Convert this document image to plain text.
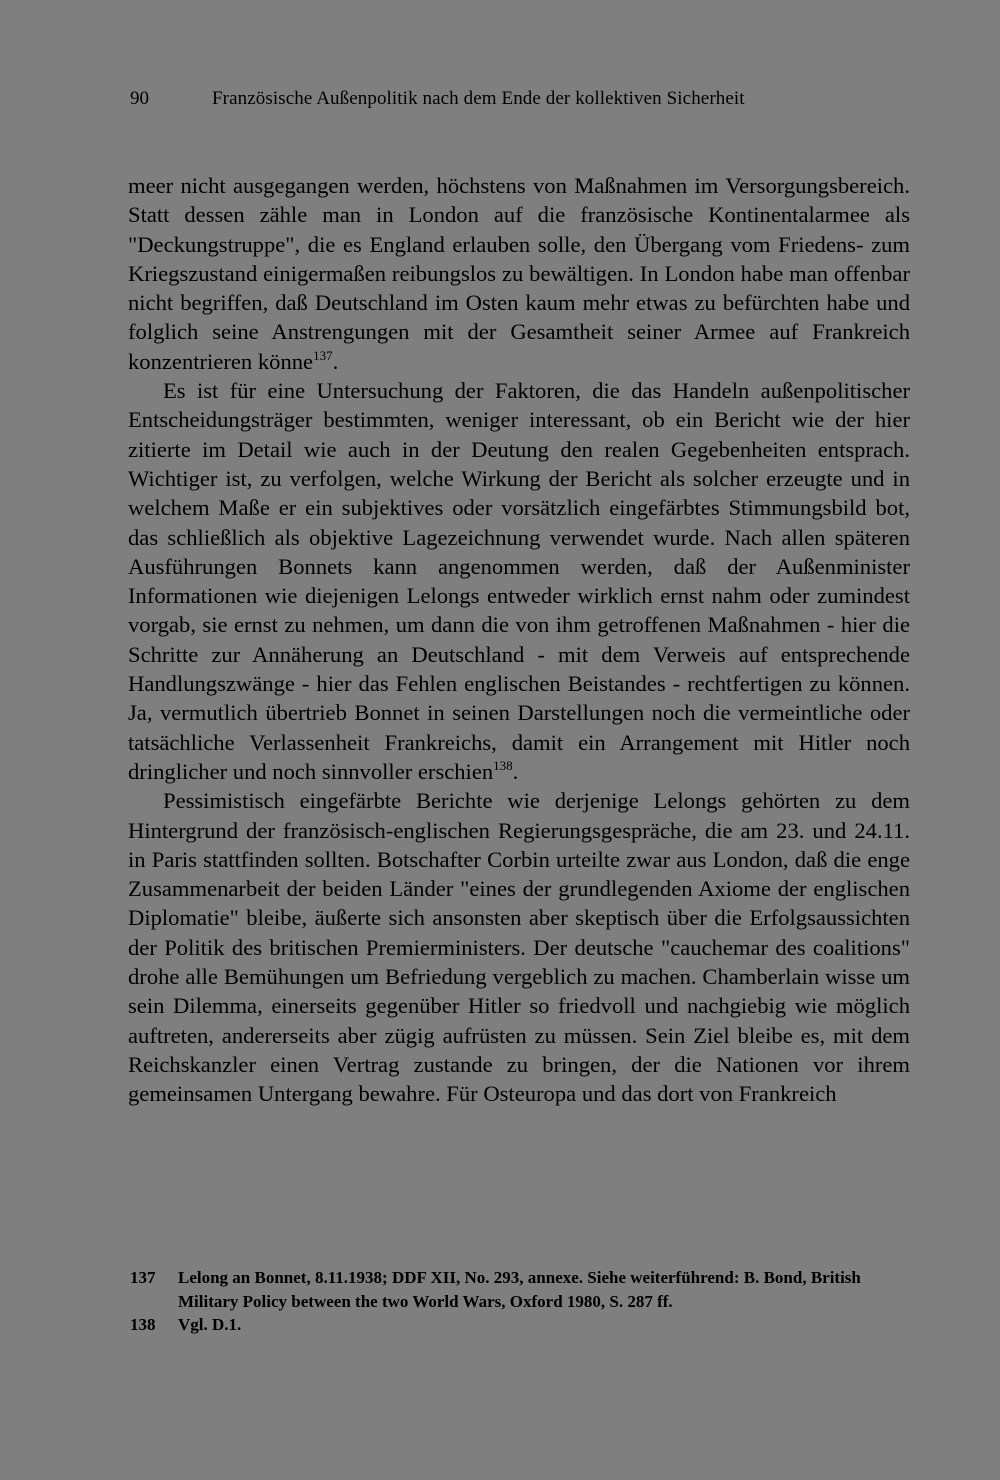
90	Französische Außenpolitik nach dem Ende der kollektiven Sicherheit

meer nicht ausgegangen werden, höchstens von Maßnahmen im Versorgungsbereich. Statt dessen zähle man in London auf die französische Kontinentalarmee als "Deckungstruppe", die es England erlauben solle, den Übergang vom Friedens- zum Kriegszustand einigermaßen reibungslos zu bewältigen. In London habe man offenbar nicht begriffen, daß Deutschland im Osten kaum mehr etwas zu befürchten habe und folglich seine Anstrengungen mit der Gesamtheit seiner Armee auf Frankreich konzentrieren könne$^{137}$.

Es ist für eine Untersuchung der Faktoren, die das Handeln außenpolitischer Entscheidungsträger bestimmten, weniger interessant, ob ein Bericht wie der hier zitierte im Detail wie auch in der Deutung den realen Gegebenheiten entsprach. Wichtiger ist, zu verfolgen, welche Wirkung der Bericht als solcher erzeugte und in welchem Maße er ein subjektives oder vorsätzlich eingefärbtes Stimmungsbild bot, das schließlich als objektive Lagezeichnung verwendet wurde. Nach allen späteren Ausführungen Bonnets kann angenommen werden, daß der Außenminister Informationen wie diejenigen Lelongs entweder wirklich ernst nahm oder zumindest vorgab, sie ernst zu nehmen, um dann die von ihm getroffenen Maßnahmen - hier die Schritte zur Annäherung an Deutschland - mit dem Verweis auf entsprechende Handlungszwänge - hier das Fehlen englischen Beistandes - rechtfertigen zu können. Ja, vermutlich übertrieb Bonnet in seinen Darstellungen noch die vermeintliche oder tatsächliche Verlassenheit Frankreichs, damit ein Arrangement mit Hitler noch dringlicher und noch sinnvoller erschien$^{138}$.

Pessimistisch eingefärbte Berichte wie derjenige Lelongs gehörten zu dem Hintergrund der französisch-englischen Regierungsgespräche, die am 23. und 24.11. in Paris stattfinden sollten. Botschafter Corbin urteilte zwar aus London, daß die enge Zusammenarbeit der beiden Länder "eines der grundlegenden Axiome der englischen Diplomatie" bleibe, äußerte sich ansonsten aber skeptisch über die Erfolgsaussichten der Politik des britischen Premierministers. Der deutsche "cauchemar des coalitions" drohe alle Bemühungen um Befriedung vergeblich zu machen. Chamberlain wisse um sein Dilemma, einerseits gegenüber Hitler so friedvoll und nachgiebig wie möglich auftreten, andererseits aber zügig aufrüsten zu müssen. Sein Ziel bleibe es, mit dem Reichskanzler einen Vertrag zustande zu bringen, der die Nationen vor ihrem gemeinsamen Untergang bewahre. Für Osteuropa und das dort von Frankreich

137	Lelong an Bonnet, 8.11.1938; DDF XII, No. 293, annexe. Siehe weiterführend: B. Bond, British Military Policy between the two World Wars, Oxford 1980, S. 287 ff.
138	Vgl. D.1.
